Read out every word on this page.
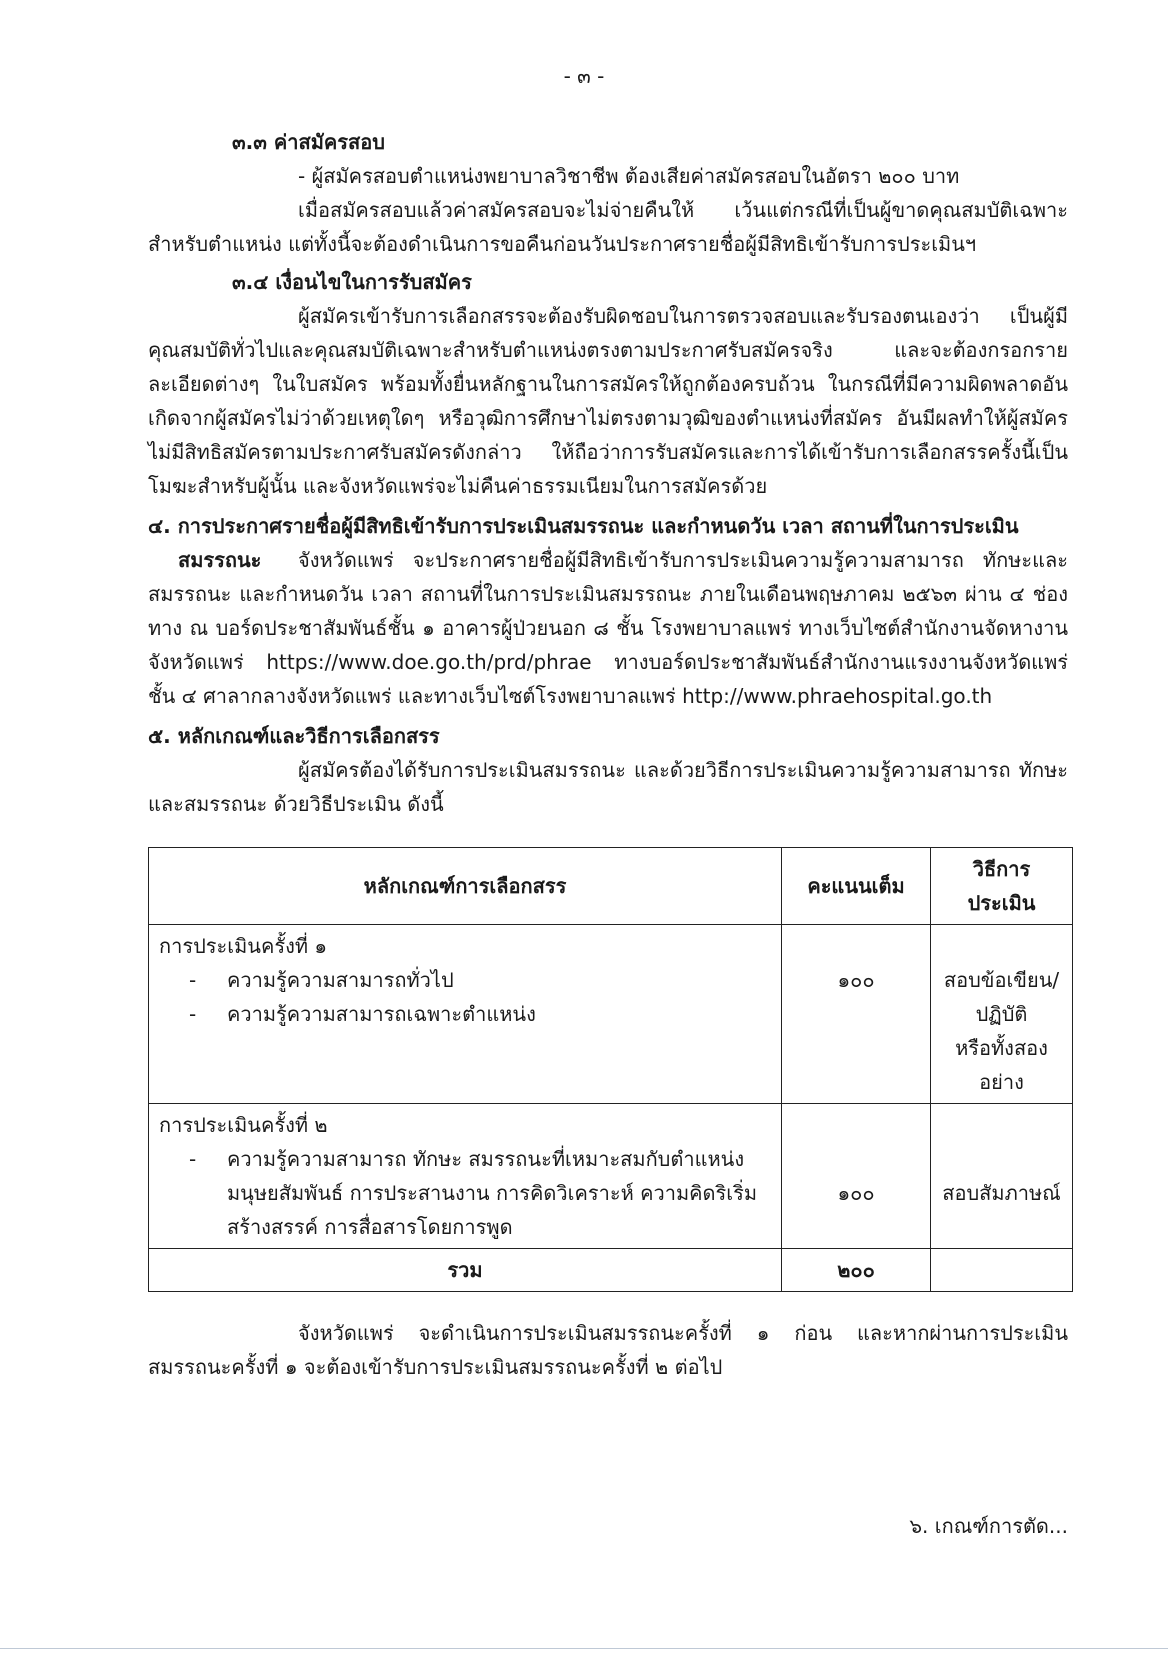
- ๓ -

๓.๓ ค่าสมัครสอบ

- ผู้สมัครสอบตำแหน่งพยาบาลวิชาชีพ ต้องเสียค่าสมัครสอบในอัตรา ๒๐๐ บาท

เมื่อสมัครสอบแล้วค่าสมัครสอบจะไม่จ่ายคืนให้ เว้นแต่กรณีที่เป็นผู้ขาดคุณสมบัติเฉพาะสำหรับตำแหน่ง แต่ทั้งนี้จะต้องดำเนินการขอคืนก่อนวันประกาศรายชื่อผู้มีสิทธิเข้ารับการประเมินฯ

๓.๔ เงื่อนไขในการรับสมัคร

ผู้สมัครเข้ารับการเลือกสรรจะต้องรับผิดชอบในการตรวจสอบและรับรองตนเองว่า เป็นผู้มีคุณสมบัติทั่วไปและคุณสมบัติเฉพาะสำหรับตำแหน่งตรงตามประกาศรับสมัครจริง และจะต้องกรอกรายละเอียดต่างๆ ในใบสมัคร พร้อมทั้งยื่นหลักฐานในการสมัครให้ถูกต้องครบถ้วน ในกรณีที่มีความผิดพลาดอันเกิดจากผู้สมัครไม่ว่าด้วยเหตุใดๆ หรือวุฒิการศึกษาไม่ตรงตามวุฒิของตำแหน่งที่สมัคร อันมีผลทำให้ผู้สมัครไม่มีสิทธิสมัครตามประกาศรับสมัครดังกล่าว ให้ถือว่าการรับสมัครและการได้เข้ารับการเลือกสรรครั้งนี้เป็นโมฆะสำหรับผู้นั้น และจังหวัดแพร่จะไม่คืนค่าธรรมเนียมในการสมัครด้วย

๔. การประกาศรายชื่อผู้มีสิทธิเข้ารับการประเมินสมรรถนะ และกำหนดวัน เวลา สถานที่ในการประเมิน
สมรรถนะ	จังหวัดแพร่ จะประกาศรายชื่อผู้มีสิทธิเข้ารับการประเมินความรู้ความสามารถ ทักษะและสมรรถนะ และกำหนดวัน เวลา สถานที่ในการประเมินสมรรถนะ ภายในเดือนพฤษภาคม ๒๕๖๓ ผ่าน ๔ ช่องทาง ณ บอร์ดประชาสัมพันธ์ชั้น ๑ อาคารผู้ป่วยนอก ๘ ชั้น โรงพยาบาลแพร่ ทางเว็บไซต์สำนักงานจัดหางานจังหวัดแพร่ https://www.doe.go.th/prd/phrae ทางบอร์ดประชาสัมพันธ์สำนักงานแรงงานจังหวัดแพร่ ชั้น ๔ ศาลากลางจังหวัดแพร่ และทางเว็บไซต์โรงพยาบาลแพร่ http://www.phraehospital.go.th

๕. หลักเกณฑ์และวิธีการเลือกสรร

ผู้สมัครต้องได้รับการประเมินสมรรถนะ และด้วยวิธีการประเมินความรู้ความสามารถ ทักษะและสมรรถนะ ด้วยวิธีประเมิน ดังนี้

หลักเกณฑ์การเลือกสรร	คะแนนเต็ม	วิธีการประเมิน

การประเมินครั้งที่ ๑
- ความรู้ความสามารถทั่วไป
- ความรู้ความสามารถเฉพาะตำแหน่ง	๑๐๐	สอบข้อเขียน/
ปฏิบัติ
หรือทั้งสองอย่าง

การประเมินครั้งที่ ๒
- ความรู้ความสามารถ ทักษะ สมรรถนะที่เหมาะสมกับตำแหน่ง มนุษยสัมพันธ์ การประสานงาน การคิดวิเคราะห์ ความคิดริเริ่มสร้างสรรค์ การสื่อสารโดยการพูด	๑๐๐	สอบสัมภาษณ์
รวม	๒๐๐	

จังหวัดแพร่ จะดำเนินการประเมินสมรรถนะครั้งที่ ๑ ก่อน และหากผ่านการประเมินสมรรถนะครั้งที่ ๑ จะต้องเข้ารับการประเมินสมรรถนะครั้งที่ ๒ ต่อไป

๖. เกณฑ์การตัด...
